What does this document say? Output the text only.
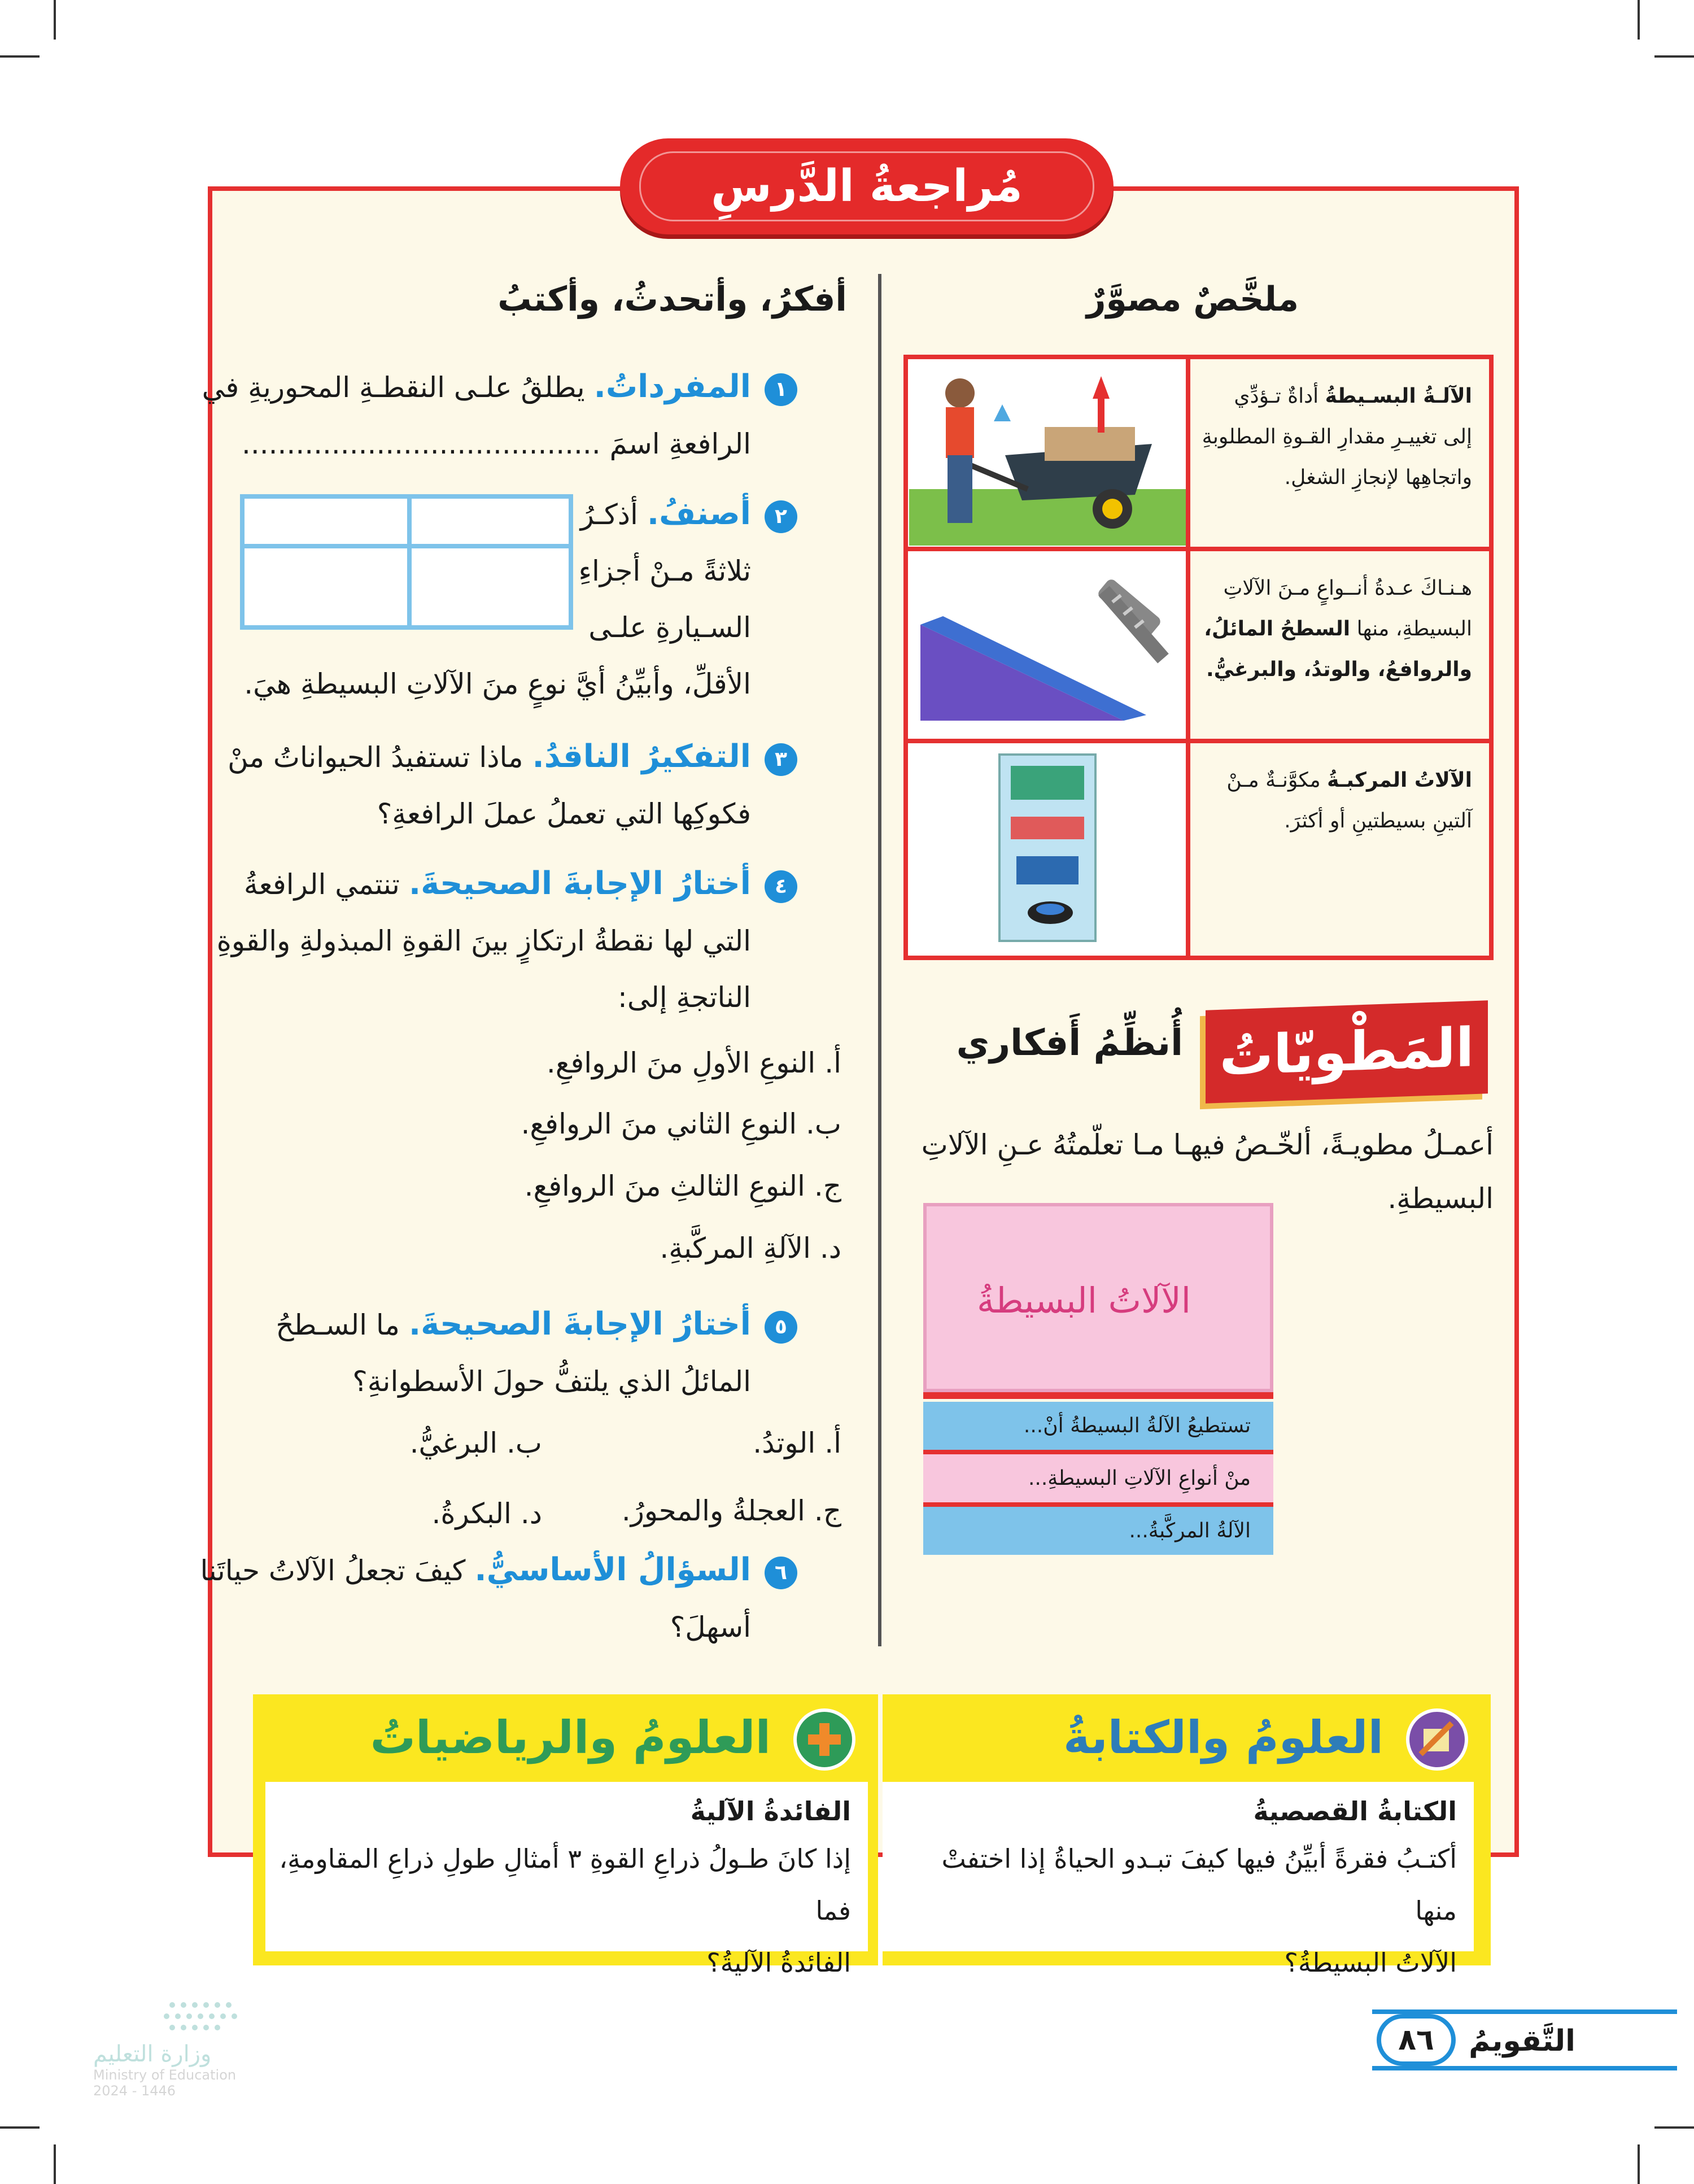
مُراجعةُ الدَّرسِ
أفكرُ، وأتحدثُ، وأكتبُ	ملخَّصٌ مصوَّرٌ
١المفرداتُ. يطلقُ علـى النقطـةِ المحوريةِ في
الرافعةِ اسمَ ........................................
٢أصنفُ. أذكـرُ
ثلاثةً مـنْ أجزاءِ
السـيارةِ علـى
الأقلِّ، وأبيِّنُ أيَّ نوعٍ منَ الآلاتِ البسيطةِ هيَ.
٣التفكيرُ الناقدُ. ماذا تستفيدُ الحيواناتُ منْ
فكوكِها التي تعملُ عملَ الرافعةِ؟
٤أختارُ الإجابةَ الصحيحةَ. تنتمي الرافعةُ
التي لها نقطةُ ارتكازٍ بينَ القوةِ المبذولةِ والقوةِ
الناتجةِ إلى:
أ. النوعِ الأولِ منَ الروافعِ.
ب. النوعِ الثاني منَ الروافعِ.
ج. النوعِ الثالثِ منَ الروافعِ.
د. الآلةِ المركَّبةِ.
٥أختارُ الإجابةَ الصحيحةَ. ما السـطحُ
المائلُ الذي يلتفُّ حولَ الأسطوانةِ؟
أ. الوتدُ.
ب. البرغيُّ.
ج. العجلةُ والمحورُ.
د. البكرةُ.
٦السؤالُ الأساسيُّ. كيفَ تجعلُ الآلاتُ حياتَنا
أسهلَ؟
الآلـةُ البسـيطةُ أداةٌ تـؤدِّي
إلى تغييـرِ مقدارِ القـوةِ المطلوبةِ
واتجاهِها لإنجازِ الشغلِ.
هـنـاكَ عـدةُ أنــواعٍ مـنَ الآلاتِ
البسيطةِ، منها السطحُ المائلُ،
والروافعُ، والوتدُ، والبرغيُّ.
الآلاتُ المركبـةُ مكوَّنـةٌ مـنْ
آلتينِ بسيطتينِ أو أكثرَ.
المَطْويّاتُ
أُنظِّمُ أَفكاري
أعمـلُ مطويـةً، ألخّـصُ فيهـا مـا تعلّمتُهُ عـنِ الآلاتِ
البسيطةِ.
الآلاتُ البسيطةُ
تستطيعُ الآلةُ البسيطةُ أنْ...
منْ أنواعِ الآلاتِ البسيطةِ...
الآلةُ المركَّبةُ...
العلومُ والكتابةُ
الكتابةُ القصصيةُ
أكتـبُ فقرةً أبيِّنُ فيها كيفَ تبـدو الحياةُ إذا اختفتْ منها
الآلاتُ البسيطةُ؟
العلومُ والرياضياتُ
الفائدةُ الآليةُ
إذا كانَ طـولُ ذراعِ القوةِ ٣ أمثالِ طولِ ذراعِ المقاومةِ، فما
الفائدةُ الآليةُ؟
التَّقويمُ
٨٦
وزارة التعليم
Ministry of Education
2024 - 1446
